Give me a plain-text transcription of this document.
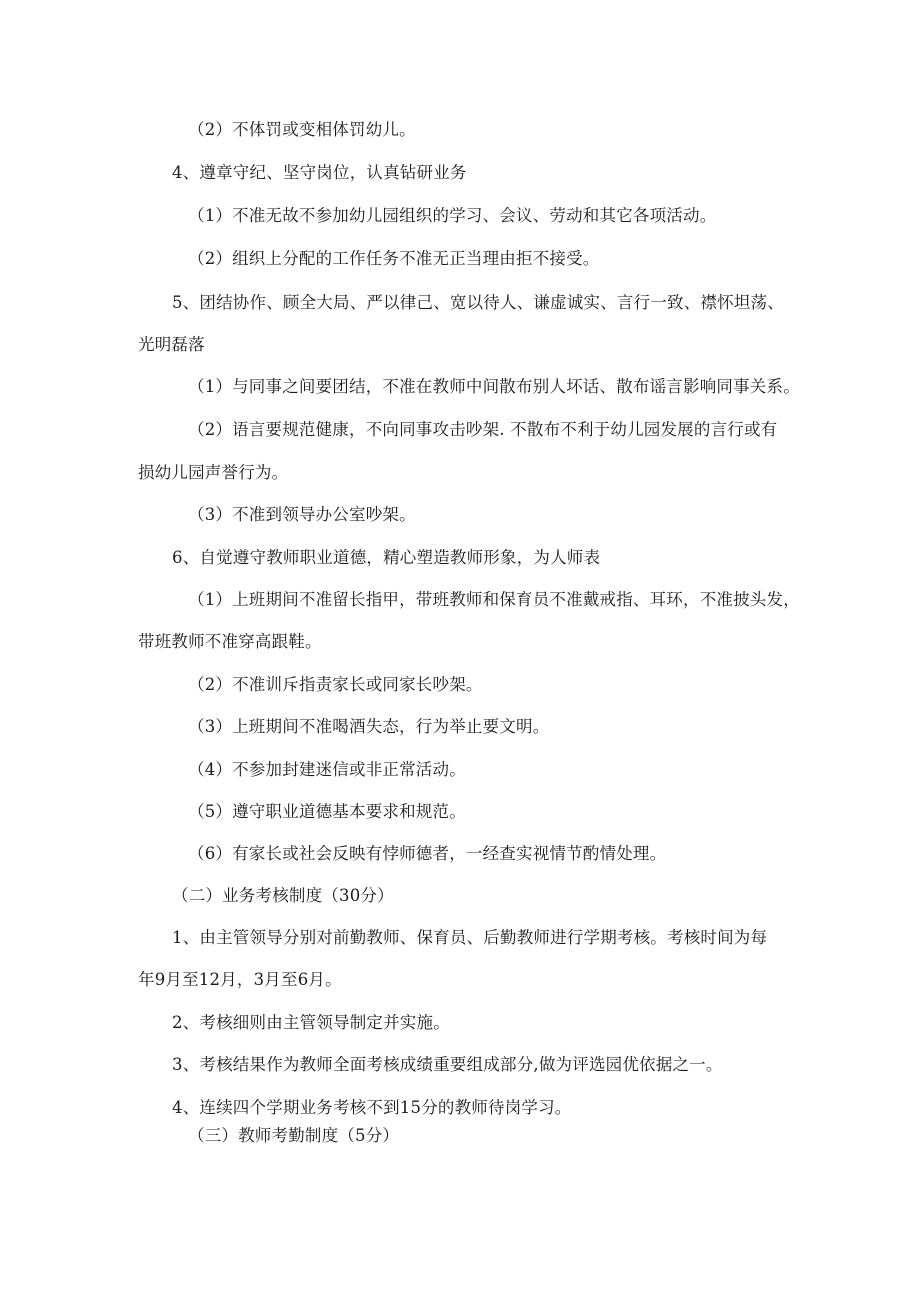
（2）不体罚或变相体罚幼儿。
4、遵章守纪、坚守岗位，认真钻研业务
（1）不准无故不参加幼儿园组织的学习、会议、劳动和其它各项活动。
（2）组织上分配的工作任务不准无正当理由拒不接受。
5、团结协作、顾全大局、严以律己、宽以待人、谦虚诚实、言行一致、襟怀坦荡、
光明磊落
（1）与同事之间要团结，不准在教师中间散布别人坏话、散布谣言影响同事关系。
（2）语言要规范健康，不向同事攻击吵架. 不散布不利于幼儿园发展的言行或有
损幼儿园声誉行为。
（3）不准到领导办公室吵架。
6、自觉遵守教师职业道德，精心塑造教师形象，为人师表
（1）上班期间不准留长指甲，带班教师和保育员不准戴戒指、耳环，不准披头发，
带班教师不准穿高跟鞋。
（2）不准训斥指责家长或同家长吵架。
（3）上班期间不准喝酒失态，行为举止要文明。
（4）不参加封建迷信或非正常活动。
（5）遵守职业道德基本要求和规范。
（6）有家长或社会反映有悖师德者，一经查实视情节酌情处理。
（二）业务考核制度（30分）
1、由主管领导分别对前勤教师、保育员、后勤教师进行学期考核。考核时间为每
年9月至12月，3月至6月。
2、考核细则由主管领导制定并实施。
3、考核结果作为教师全面考核成绩重要组成部分,做为评选园优依据之一。
4、连续四个学期业务考核不到15分的教师待岗学习。
（三）教师考勤制度（5分）
